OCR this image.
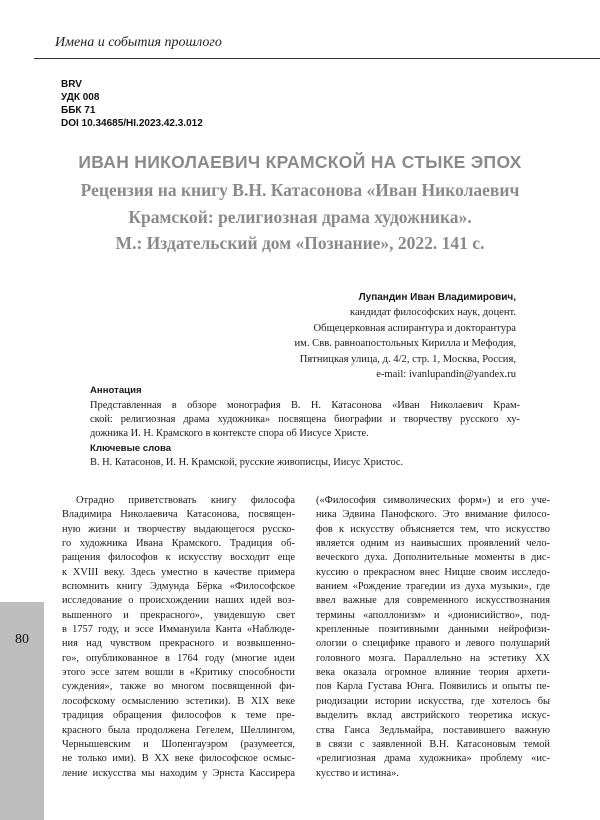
Имена и события прошлого
BRV
УДК 008
ББК 71
DOI 10.34685/HI.2023.42.3.012
ИВАН НИКОЛАЕВИЧ КРАМСКОЙ НА СТЫКЕ ЭПОХ
Рецензия на книгу В.Н. Катасонова «Иван Николаевич
Крамской: религиозная драма художника».
М.: Издательский дом «Познание», 2022. 141 с.
Лупандин Иван Владимирович,
кандидат философских наук, доцент.
Общецерковная аспирантура и докторантура
им. Свв. равноапостольных Кирилла и Мефодия,
Пятницкая улица, д. 4/2, стр. 1, Москва, Россия,
e-mail: ivanlupandin@yandex.ru
Аннотация

Представленная в обзоре монография В. Н. Катасонова «Иван Николаевич Крам-
ской: религиозная драма художника» посвящена биографии и творчеству русского ху-
дожника И. Н. Крамского в контексте спора об Иисусе Христе.

Ключевые слова

В. Н. Катасонов, И. Н. Крамской, русские живописцы, Иисус Христос.

Отрадно приветствовать книгу философа
Владимира Николаевича Катасонова, посвящен-
ную жизни и творчеству выдающегося русско-
го художника Ивана Крамского. Традиция об-
ращения философов к искусству восходит еще
к XVIII веку. Здесь уместно в качестве примера
вспомнить книгу Эдмунда Бёрка «Философское
исследование о происхождении наших идей воз-
вышенного и прекрасного», увидевшую свет
в 1757 году, и эссе Иммануила Канта «Наблюде-
ния над чувством прекрасного и возвышенно-
го», опубликованное в 1764 году (многие идеи
этого эссе затем вошли в «Критику способности
суждения», также во многом посвященной фи-
лософскому осмыслению эстетики). В XIX веке
традиция обращения философов к теме пре-
красного была продолжена Гегелем, Шеллингом,
Чернышевским и Шопенгауэром (разумеется,
не только ими). В XX веке философское осмыс-
ление искусства мы находим у Эрнста Кассирера
(«Философия символических форм») и его уче-
ника Эдвина Панофского. Это внимание филосо-
фов к искусству объясняется тем, что искусство
является одним из наивысших проявлений чело-
веческого духа. Дополнительные моменты в дис-
куссию о прекрасном внес Ницше своим исследо-
ванием «Рождение трагедии из духа музыки», где
ввел важные для современного искусствознания
термины «аполлонизм» и «дионисийство», под-
крепленные позитивными данными нейрофизи-
ологии о специфике правого и левого полушарий
головного мозга. Параллельно на эстетику XX
века оказала огромное влияние теория архети-
пов Карла Густава Юнга. Появились и опыты пе-
риодизации истории искусства, где хотелось бы
выделить вклад австрийского теоретика искус-
ства Ганса Зедльмайра, поставившего важную
в связи с заявленной В.Н. Катасоновым темой
«религиозная драма художника» проблему «ис-
кусство и истина».
80
